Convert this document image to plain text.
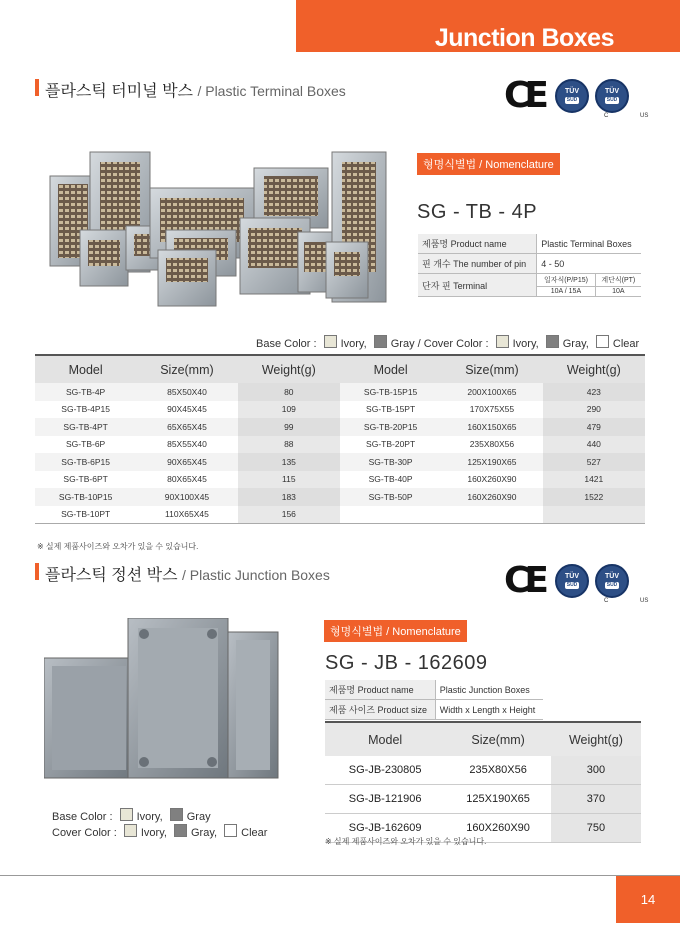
Junction Boxes
플라스틱 터미널 박스 / Plastic Terminal Boxes	CE	TÜV
SÜD
TÜV
SÜD
C	US
형명식별법 / Nomenclature
SG - TB - 4P
제품명 Product name	Plastic Terminal Boxes	
핀 개수 The number of pin	4 - 50	
단자 핀 Terminal	일자식(P/P15)	계단식(PT)
	10A / 15A	10A
Base Color : Ivory, Gray / Cover Color : Ivory, Gray, Clear
Model	Size(mm)	Weight(g)	Model	Size(mm)	Weight(g)
SG-TB-4P	85X50X40	80	SG-TB-15P15	200X100X65	423
SG-TB-4P15	90X45X45	109	SG-TB-15PT	170X75X55	290
SG-TB-4PT	65X65X45	99	SG-TB-20P15	160X150X65	479
SG-TB-6P	85X55X40	88	SG-TB-20PT	235X80X56	440
SG-TB-6P15	90X65X45	135	SG-TB-30P	125X190X65	527
SG-TB-6PT	80X65X45	115	SG-TB-40P	160X260X90	1421
SG-TB-10P15	90X100X45	183	SG-TB-50P	160X260X90	1522
SG-TB-10PT	110X65X45	156			
※ 실제 제품사이즈와 오차가 있을 수 있습니다.
플라스틱 정션 박스 / Plastic Junction Boxes	CE	TÜV
SÜD
TÜV
SÜD
C	US
Base Color : Ivory, Gray
Cover Color : Ivory, Gray, Clear
형명식별법 / Nomenclature
SG - JB - 162609
제품명 Product name	Plastic Junction Boxes
제품 사이즈 Product size	Width x Length x Height
Model	Size(mm)	Weight(g)
SG-JB-230805	235X80X56	300
SG-JB-121906	125X190X65	370
SG-JB-162609	160X260X90	750
※ 실제 제품사이즈와 오차가 있을 수 있습니다.
14
